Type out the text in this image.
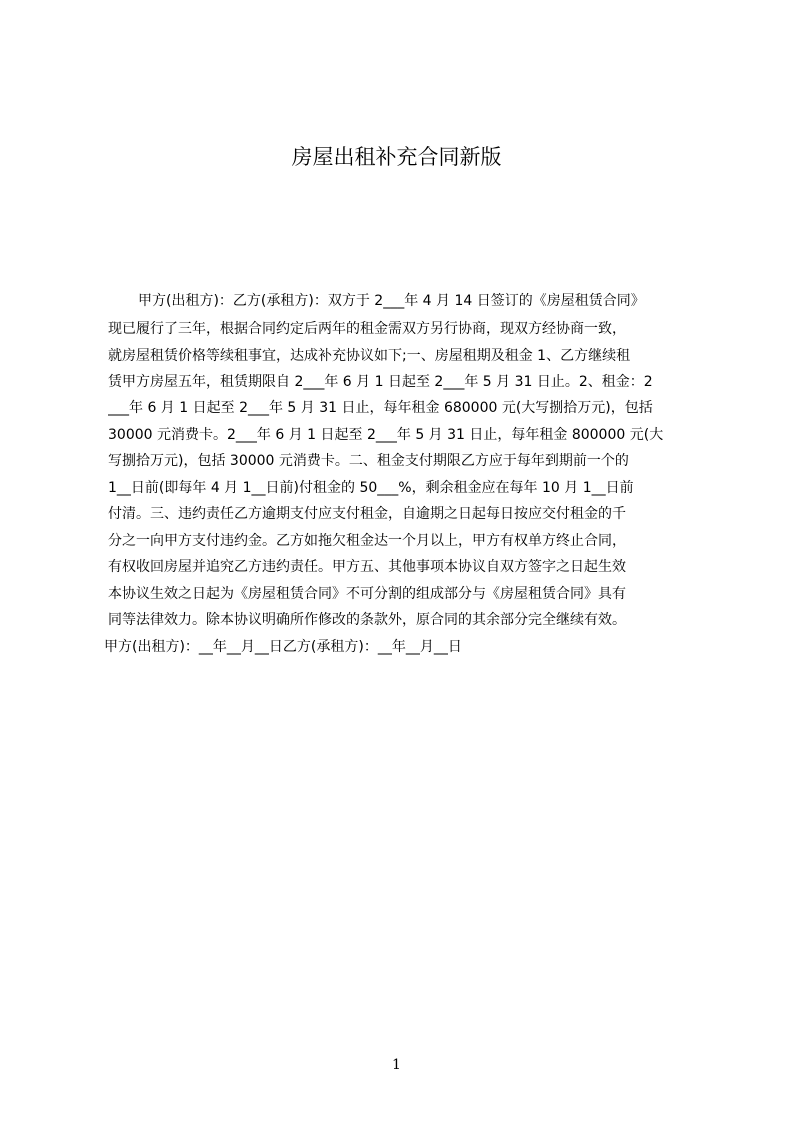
房屋出租补充合同新版

甲方(出租方)：乙方(承租方)：双方于 2___年 4 月 14 日签订的《房屋租赁合同》

现已履行了三年，根据合同约定后两年的租金需双方另行协商，现双方经协商一致，

就房屋租赁价格等续租事宜，达成补充协议如下;一、房屋租期及租金 1、乙方继续租

赁甲方房屋五年，租赁期限自 2___年 6 月 1 日起至 2___年 5 月 31 日止。2、租金：2

___年 6 月 1 日起至 2___年 5 月 31 日止，每年租金 680000 元(大写捌拾万元)，包括

30000 元消费卡。2___年 6 月 1 日起至 2___年 5 月 31 日止，每年租金 800000 元(大

写捌拾万元)，包括 30000 元消费卡。二、租金支付期限乙方应于每年到期前一个的

1__日前(即每年 4 月 1__日前)付租金的 50___%，剩余租金应在每年 10 月 1__日前

付清。三、违约责任乙方逾期支付应支付租金，自逾期之日起每日按应交付租金的千

分之一向甲方支付违约金。乙方如拖欠租金达一个月以上，甲方有权单方终止合同，

有权收回房屋并追究乙方违约责任。甲方五、其他事项本协议自双方签字之日起生效

本协议生效之日起为《房屋租赁合同》不可分割的组成部分与《房屋租赁合同》具有

同等法律效力。除本协议明确所作修改的条款外，原合同的其余部分完全继续有效。

甲方(出租方)：__年__月__日乙方(承租方)：__年__月__日

1
